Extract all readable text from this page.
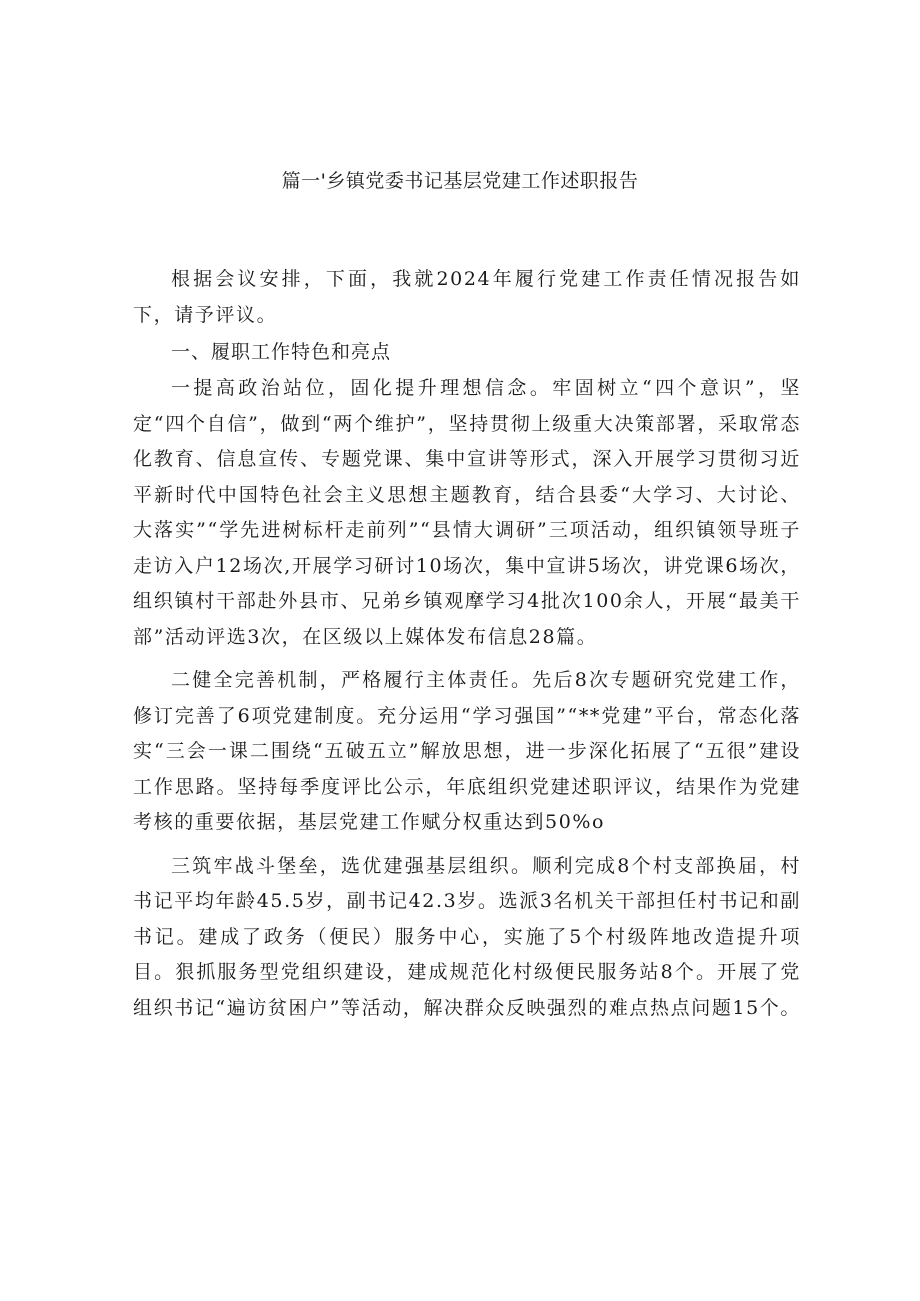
篇一'乡镇党委书记基层党建工作述职报告

根据会议安排，下面，我就2024年履行党建工作责任情况报告如下，请予评议。

一、履职工作特色和亮点

一提高政治站位，固化提升理想信念。牢固树立“四个意识”，坚定“四个自信”，做到“两个维护”，坚持贯彻上级重大决策部署，采取常态化教育、信息宣传、专题党课、集中宣讲等形式，深入开展学习贯彻习近平新时代中国特色社会主义思想主题教育，结合县委“大学习、大讨论、大落实”“学先进树标杆走前列”“县情大调研”三项活动，组织镇领导班子走访入户12场次,开展学习研讨10场次，集中宣讲5场次，讲党课6场次，组织镇村干部赴外县市、兄弟乡镇观摩学习4批次100余人，开展“最美干部”活动评选3次，在区级以上媒体发布信息28篇。

二健全完善机制，严格履行主体责任。先后8次专题研究党建工作，修订完善了6项党建制度。充分运用“学习强国”“**党建”平台，常态化落实“三会一课二围绕“五破五立”解放思想，进一步深化拓展了“五很”建设工作思路。坚持每季度评比公示，年底组织党建述职评议，结果作为党建考核的重要依据，基层党建工作赋分权重达到50%o

三筑牢战斗堡垒，选优建强基层组织。顺利完成8个村支部换届，村书记平均年龄45.5岁，副书记42.3岁。选派3名机关干部担任村书记和副书记。建成了政务（便民）服务中心，实施了5个村级阵地改造提升项目。狠抓服务型党组织建设，建成规范化村级便民服务站8个。开展了党组织书记“遍访贫困户”等活动，解决群众反映强烈的难点热点问题15个。
